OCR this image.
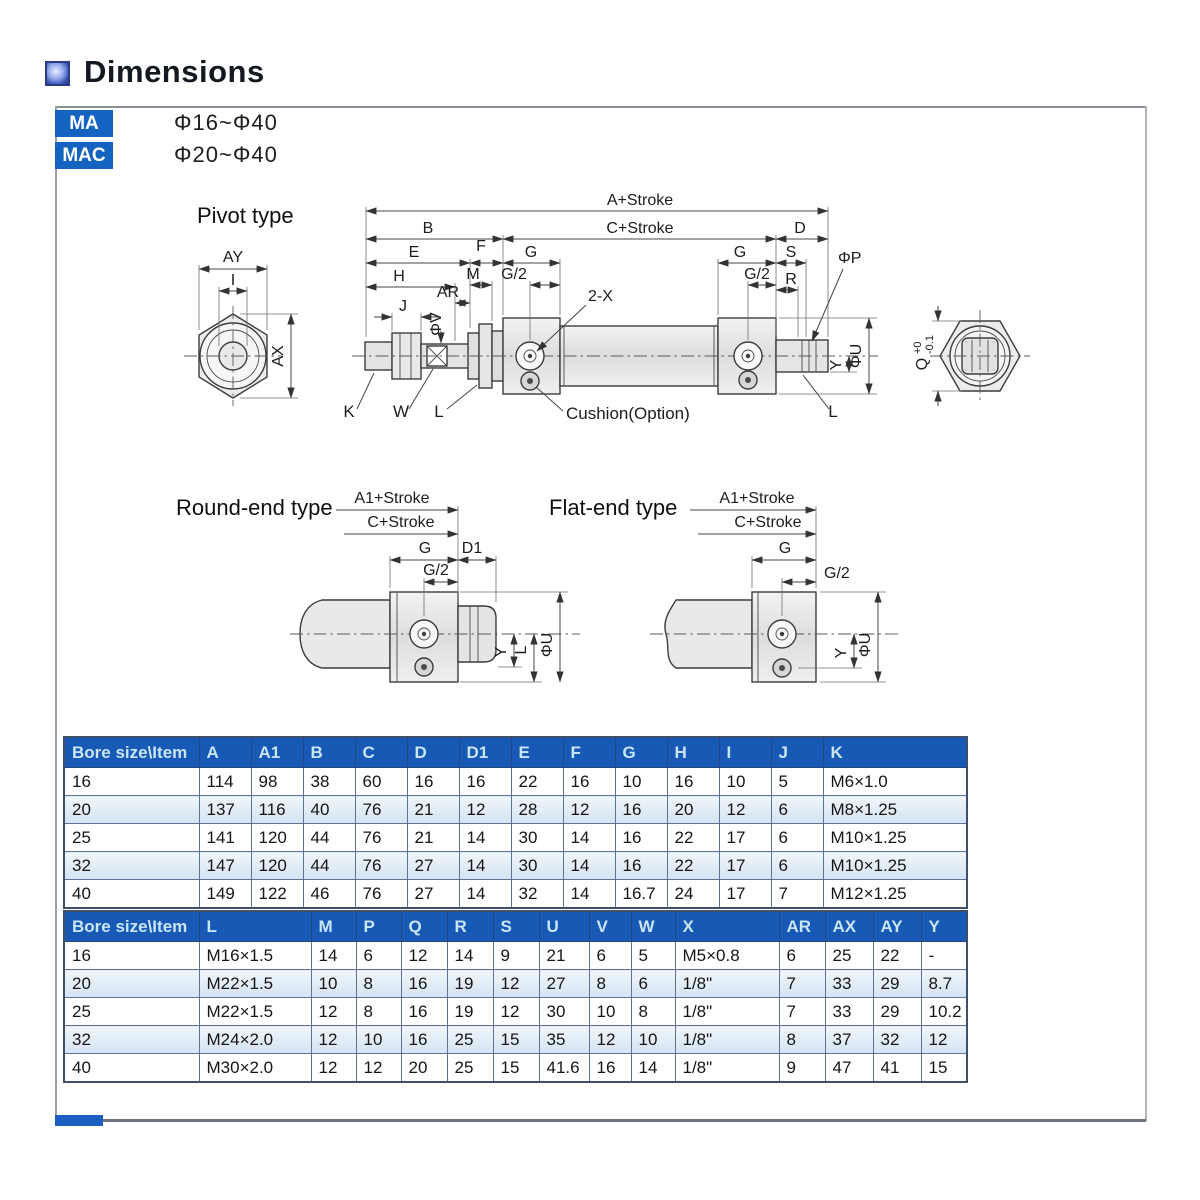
Dimensions
MA	Φ16~Φ40
MAC	Φ20~Φ40
Pivot type
Round-end type	Flat-end type
AY
I
AX
A+Stroke
B	C+Stroke	D
E	F G
M G/2
H
AR
J
ΦV
G S
G/2 R
ΦP
2-X
ΦU
Y
K W L	Cushion(Option)	L
Q
+0 -0.1
A1+Stroke
C+Stroke
G D1
G/2
Y L ΦU
A1+Stroke
C+Stroke
G
G/2
Y ΦU
Bore size\Item	A	A1	B	C	D	D1	E	F	G	H	I	J	K
16	114	98	38	60	16	16	22	16	10	16	10	5	M6×1.0
20	137	116	40	76	21	12	28	12	16	20	12	6	M8×1.25
25	141	120	44	76	21	14	30	14	16	22	17	6	M10×1.25
32	147	120	44	76	27	14	30	14	16	22	17	6	M10×1.25
40	149	122	46	76	27	14	32	14	16.7	24	17	7	M12×1.25
Bore size\Item	L	M	P	Q	R	S	U	V	W	X	AR	AX	AY	Y
16	M16×1.5	14	6	12	14	9	21	6	5	M5×0.8	6	25	22	-
20	M22×1.5	10	8	16	19	12	27	8	6	1/8"	7	33	29	8.7
25	M22×1.5	12	8	16	19	12	30	10	8	1/8"	7	33	29	10.2
32	M24×2.0	12	10	16	25	15	35	12	10	1/8"	8	37	32	12
40	M30×2.0	12	12	20	25	15	41.6	16	14	1/8"	9	47	41	15
